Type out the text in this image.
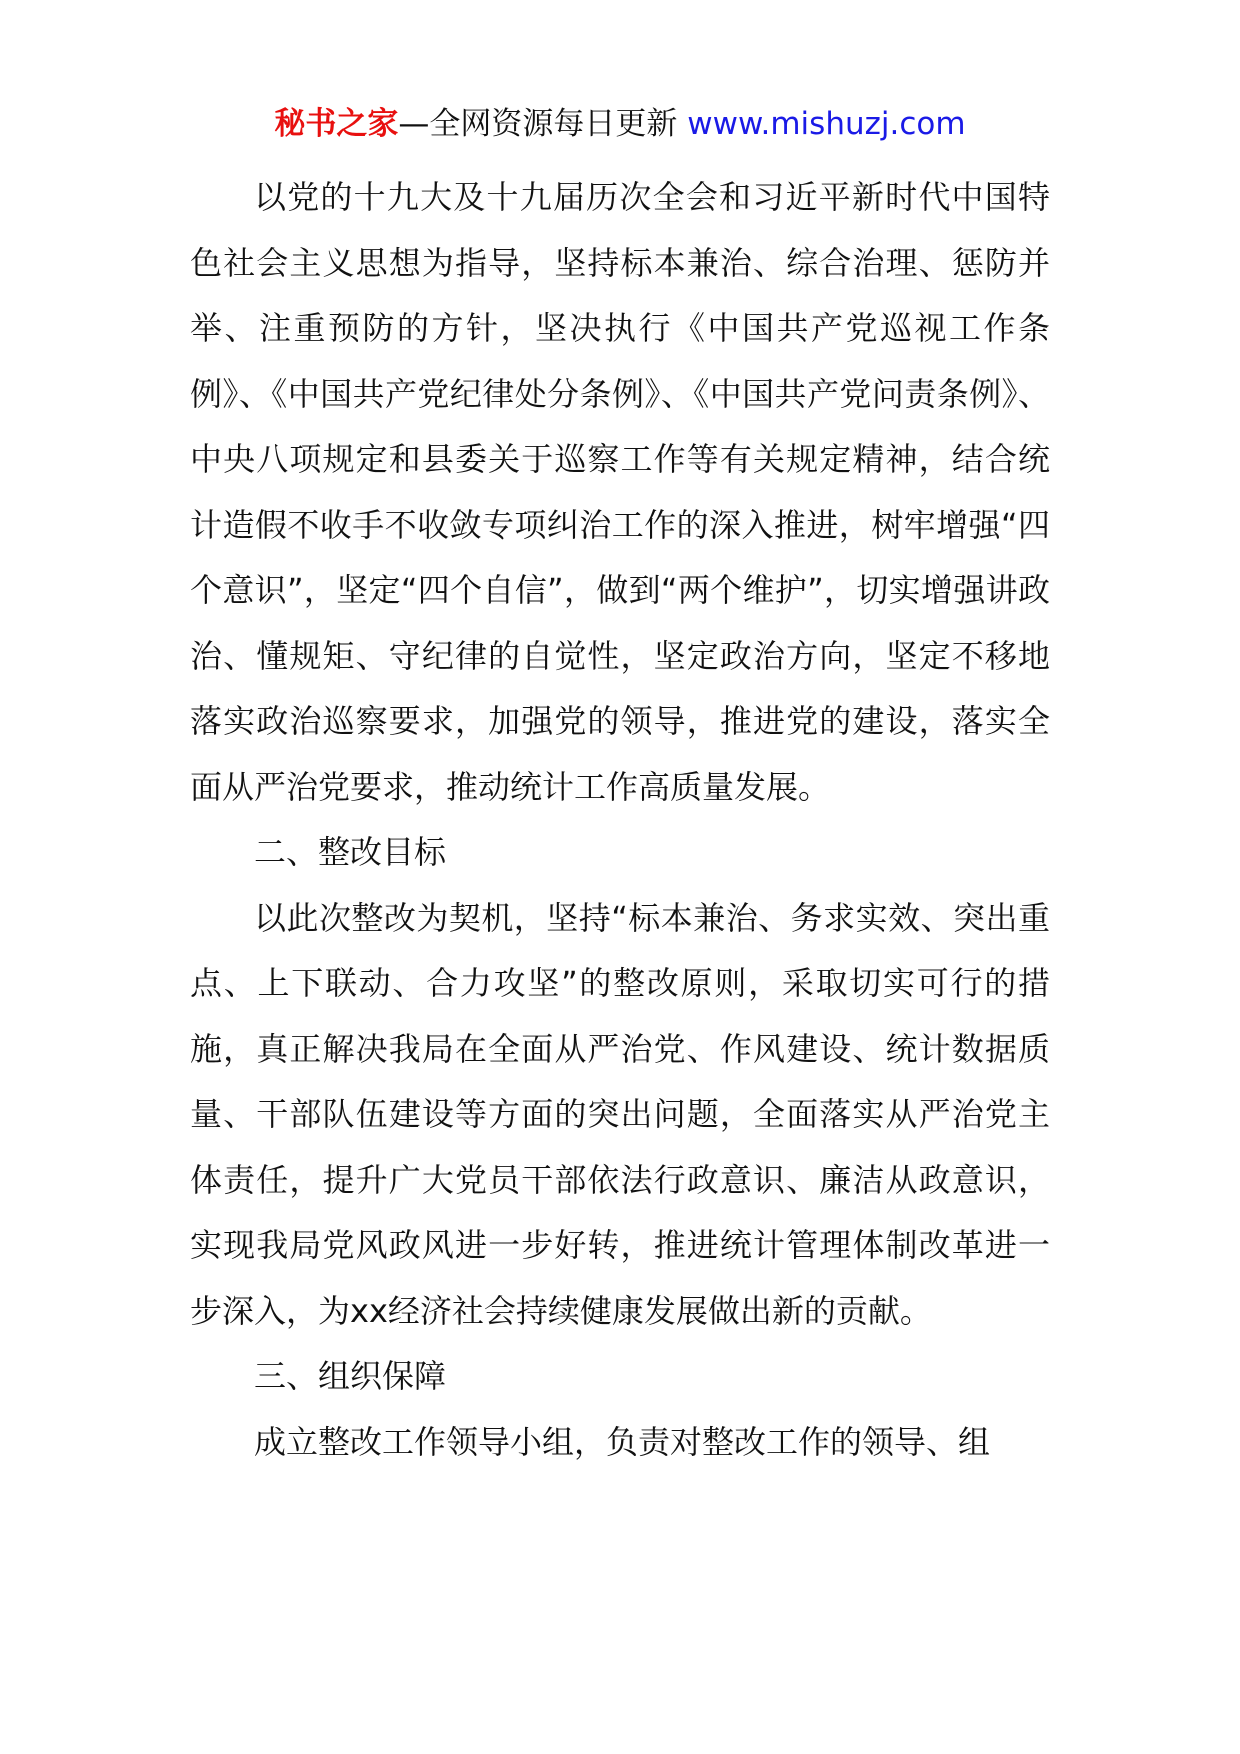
秘书之家—全网资源每日更新 www.mishuzj.com

以党的十九大及十九届历次全会和习近平新时代中国特色社会主义思想为指导，坚持标本兼治、综合治理、惩防并举、注重预防的方针，坚决执行《中国共产党巡视工作条例》、《中国共产党纪律处分条例》、《中国共产党问责条例》、中央八项规定和县委关于巡察工作等有关规定精神，结合统计造假不收手不收敛专项纠治工作的深入推进，树牢增强“四个意识”，坚定“四个自信”，做到“两个维护”，切实增强讲政治、懂规矩、守纪律的自觉性，坚定政治方向，坚定不移地落实政治巡察要求，加强党的领导，推进党的建设，落实全面从严治党要求，推动统计工作高质量发展。

二、整改目标

以此次整改为契机，坚持“标本兼治、务求实效、突出重点、上下联动、合力攻坚”的整改原则，采取切实可行的措施，真正解决我局在全面从严治党、作风建设、统计数据质量、干部队伍建设等方面的突出问题，全面落实从严治党主体责任，提升广大党员干部依法行政意识、廉洁从政意识，实现我局党风政风进一步好转，推进统计管理体制改革进一步深入，为xx经济社会持续健康发展做出新的贡献。

三、组织保障

成立整改工作领导小组，负责对整改工作的领导、组
